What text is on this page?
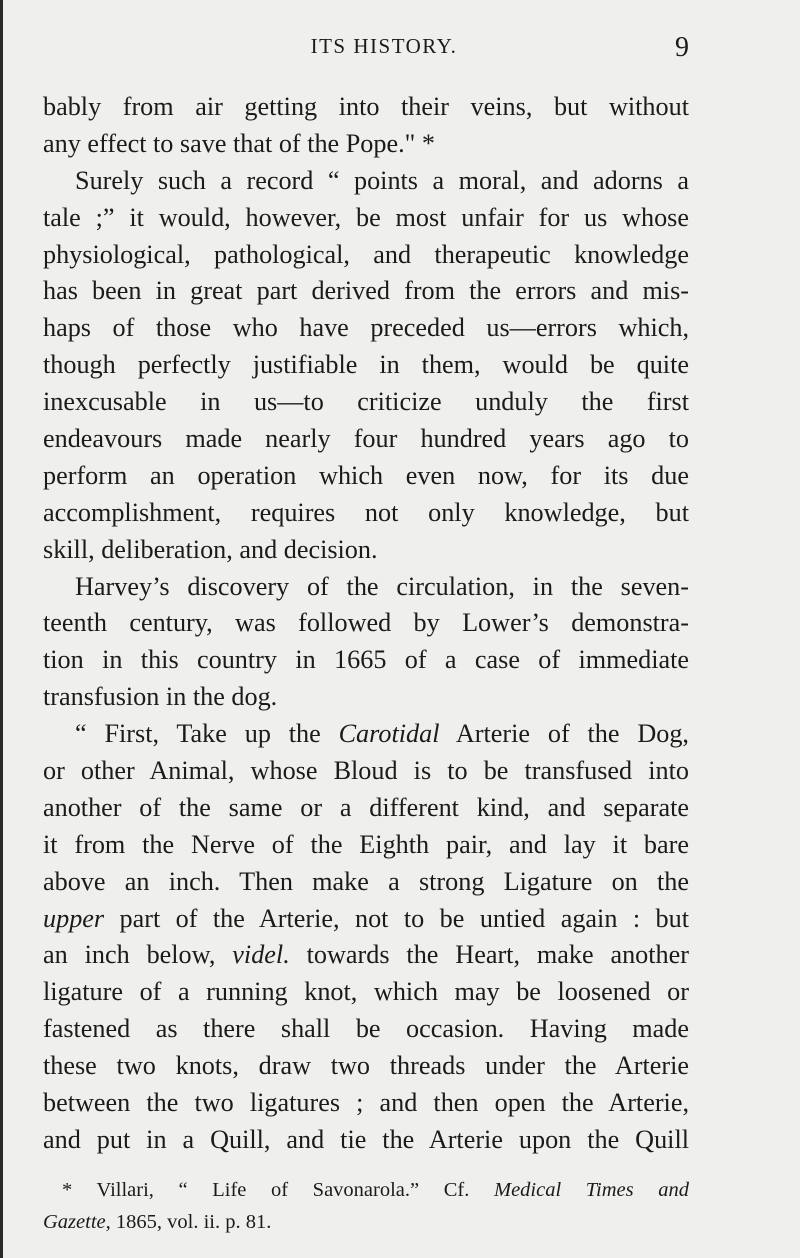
ITS HISTORY.	9
bably from air getting into their veins, but without
any effect to save that of the Pope." *
Surely such a record “ points a moral, and adorns a
tale ;” it would, however, be most unfair for us whose
physiological, pathological, and therapeutic knowledge
has been in great part derived from the errors and mis-
haps of those who have preceded us—errors which,
though perfectly justifiable in them, would be quite
inexcusable in us—to criticize unduly the first
endeavours made nearly four hundred years ago to
perform an operation which even now, for its due
accomplishment, requires not only knowledge, but
skill, deliberation, and decision.
Harvey’s discovery of the circulation, in the seven-
teenth century, was followed by Lower’s demonstra-
tion in this country in 1665 of a case of immediate
transfusion in the dog.
“ First, Take up the Carotidal Arterie of the Dog,
or other Animal, whose Bloud is to be transfused into
another of the same or a different kind, and separate
it from the Nerve of the Eighth pair, and lay it bare
above an inch. Then make a strong Ligature on the
upper part of the Arterie, not to be untied again : but
an inch below, videl. towards the Heart, make another
ligature of a running knot, which may be loosened or
fastened as there shall be occasion. Having made
these two knots, draw two threads under the Arterie
between the two ligatures ; and then open the Arterie,
and put in a Quill, and tie the Arterie upon the Quill
* Villari, “ Life of Savonarola.” Cf. Medical Times and
Gazette, 1865, vol. ii. p. 81.
